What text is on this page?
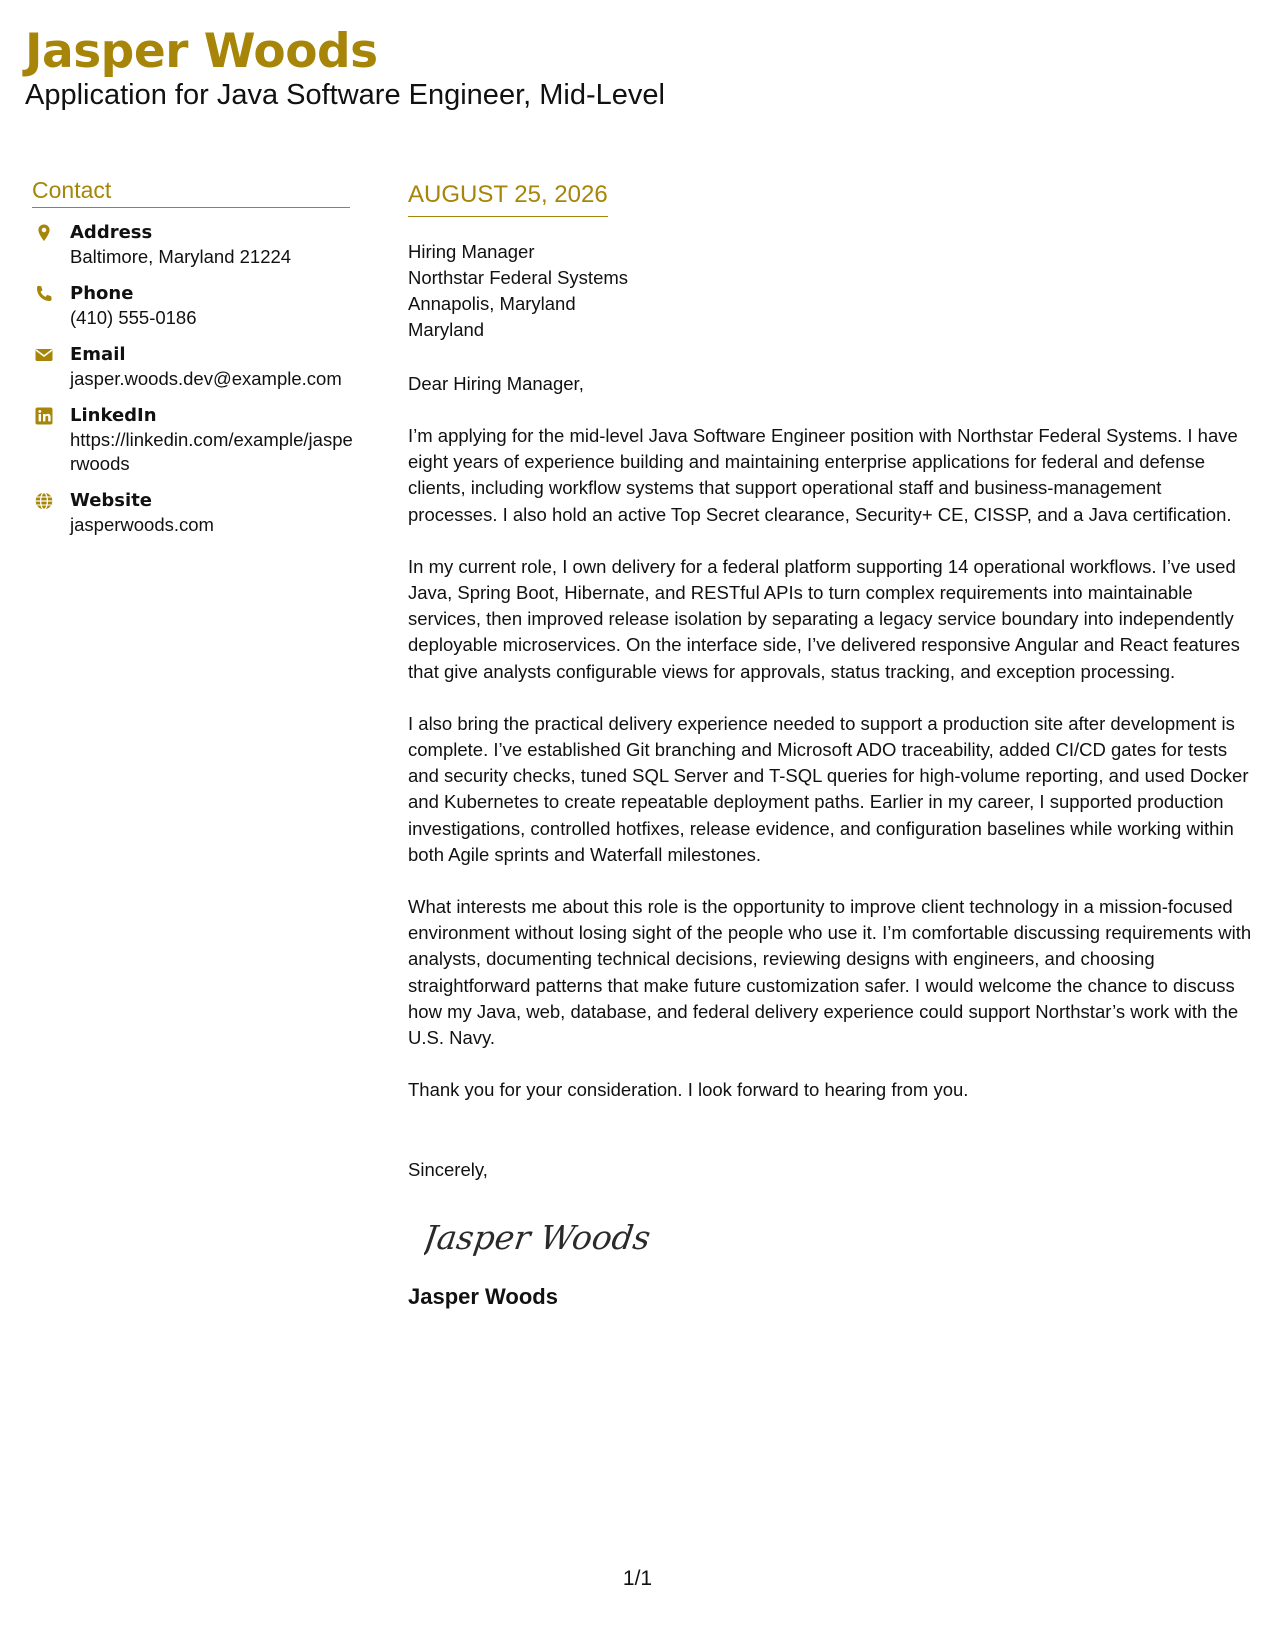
Jasper Woods
Application for Java Software Engineer, Mid-Level
Contact
Address
Baltimore, Maryland 21224
Phone
(410) 555-0186
Email
jasper.woods.dev@example.com
LinkedIn
https://linkedin.com/example/jasperwoods
Website
jasperwoods.com
AUGUST 25, 2026
Hiring Manager
Northstar Federal Systems
Annapolis, Maryland
Maryland
Dear Hiring Manager,
I’m applying for the mid-level Java Software Engineer position with Northstar Federal Systems. I have eight years of experience building and maintaining enterprise applications for federal and defense clients, including workflow systems that support operational staff and business-management processes. I also hold an active Top Secret clearance, Security+ CE, CISSP, and a Java certification.
In my current role, I own delivery for a federal platform supporting 14 operational workflows. I’ve used Java, Spring Boot, Hibernate, and RESTful APIs to turn complex requirements into maintainable services, then improved release isolation by separating a legacy service boundary into independently deployable microservices. On the interface side, I’ve delivered responsive Angular and React features that give analysts configurable views for approvals, status tracking, and exception processing.
I also bring the practical delivery experience needed to support a production site after development is complete. I’ve established Git branching and Microsoft ADO traceability, added CI/CD gates for tests and security checks, tuned SQL Server and T-SQL queries for high-volume reporting, and used Docker and Kubernetes to create repeatable deployment paths. Earlier in my career, I supported production investigations, controlled hotfixes, release evidence, and configuration baselines while working within both Agile sprints and Waterfall milestones.
What interests me about this role is the opportunity to improve client technology in a mission-focused environment without losing sight of the people who use it. I’m comfortable discussing requirements with analysts, documenting technical decisions, reviewing designs with engineers, and choosing straightforward patterns that make future customization safer. I would welcome the chance to discuss how my Java, web, database, and federal delivery experience could support Northstar’s work with the U.S. Navy.
Thank you for your consideration. I look forward to hearing from you.
Sincerely,
Jasper Woods
Jasper Woods
1/1
